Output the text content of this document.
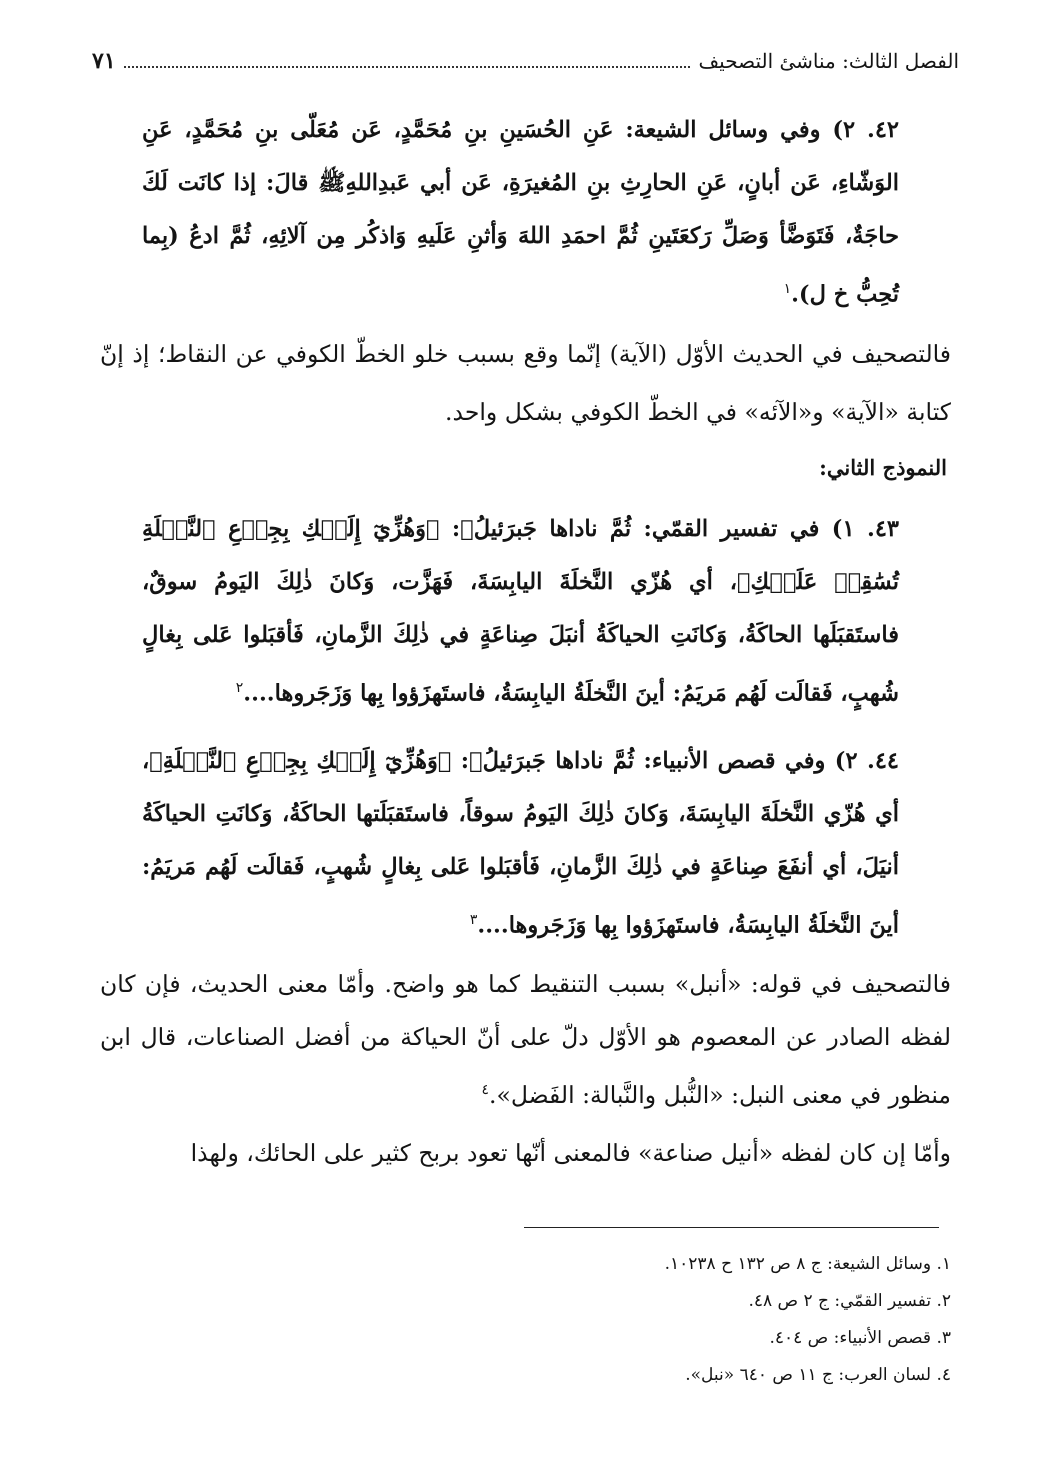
الفصل الثالث: مناشئ التصحيف
٧١

٤٢. ٢) وفي وسائل الشيعة: عَنِ الحُسَينِ بنِ مُحَمَّدٍ، عَن مُعَلّى بنِ مُحَمَّدٍ، عَنِ الوَشّاءِ، عَن أبانٍ، عَنِ الحارِثِ بنِ المُغيرَةِ، عَن أبي عَبدِاللهِ‌ﷺ قالَ: إذا كانَت لَكَ حاجَةٌ، فَتَوَضَّأ وَصَلِّ رَكعَتَينِ ثُمَّ احمَدِ اللهَ وَأثنِ عَلَيهِ وَاذكُر مِن آلائِهِ، ثُمَّ ادعُ (بِما تُحِبُّ خ ل).$^١$

فالتصحيف في الحديث الأوّل (الآية) إنّما وقع بسبب خلو الخطّ الكوفي عن النقاط؛ إذ إنّ كتابة «الآية» و«الآئه» في الخطّ الكوفي بشكل واحد.

النموذج الثاني:

٤٣. ١) في تفسير القمّي: ثُمَّ ناداها جَبرَئيلُ‌ﷺ: ﴿وَهُزِّيٓ إِلَيۡكِ بِجِذۡعِ ٱلنَّخۡلَةِ تُسَٰقِطۡ عَلَيۡكِ﴾، أي هُزّي النَّخلَةَ اليابِسَةَ، فَهَزَّت، وَكانَ ذٰلِكَ اليَومُ سوقٌ، فاستَقبَلَها الحاكَةُ، وَكانَتِ الحياكَةُ أنبَلَ صِناعَةٍ في ذٰلِكَ الزَّمانِ، فَأقبَلوا عَلى بِغالٍ شُهبٍ، فَقالَت لَهُم مَريَمُ: أينَ النَّخلَةُ اليابِسَةُ، فاستَهزَؤوا بِها وَزَجَروها....$^٢$

٤٤. ٢) وفي قصص الأنبياء: ثُمَّ ناداها جَبرَئيلُ‌ﷺ: ﴿وَهُزِّيٓ إِلَيۡكِ بِجِذۡعِ ٱلنَّخۡلَةِ﴾، أي هُزّي النَّخلَةَ اليابِسَةَ، وَكانَ ذٰلِكَ اليَومُ سوقاً، فاستَقبَلَتها الحاكَةُ، وَكانَتِ الحياكَةُ أنيَلَ، أي أنفَعَ صِناعَةٍ في ذٰلِكَ الزَّمانِ، فَأقبَلوا عَلى بِغالٍ شُهبٍ، فَقالَت لَهُم مَريَمُ: أينَ النَّخلَةُ اليابِسَةُ، فاستَهزَؤوا بِها وَزَجَروها....$^٣$

فالتصحيف في قوله: «أنبل» بسبب التنقيط كما هو واضح. وأمّا معنى الحديث، فإن كان لفظه الصادر عن المعصوم هو الأوّل دلّ على أنّ الحياكة من أفضل الصناعات، قال ابن منظور في معنى النبل: «النُّبل والنَّبالة: الفَضل».$^٤$

وأمّا إن كان لفظه «أنيل صناعة» فالمعنى أنّها تعود بربح كثير على الحائك، ولهذا

١. وسائل الشيعة: ج ٨ ص ١٣٢ ح ١٠٢٣٨.
٢. تفسير القمّي: ج ٢ ص ٤٨.
٣. قصص الأنبياء: ص ٤٠٤.
٤. لسان العرب: ج ١١ ص ٦٤٠ «نبل».
